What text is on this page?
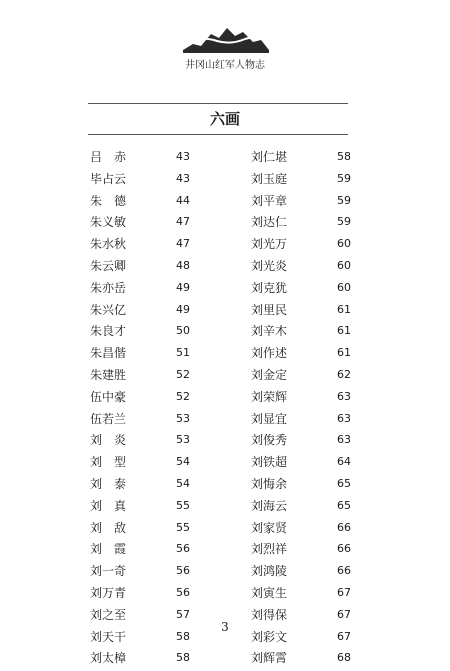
井冈山红军人物志
六画
吕　赤	43
毕占云	43
朱　德	44
朱义敏	47
朱水秋	47
朱云卿	48
朱亦岳	49
朱兴亿	49
朱良才	50
朱昌偕	51
朱建胜	52
伍中豪	52
伍若兰	53
刘　炎	53
刘　型	54
刘　泰	54
刘　真	55
刘　敌	55
刘　霞	56
刘一奇	56
刘万青	56
刘之至	57
刘天干	58
刘太樟	58
刘仁堪	58
刘玉庭	59
刘平章	59
刘达仁	59
刘光万	60
刘光炎	60
刘克犹	60
刘里民	61
刘辛木	61
刘作述	61
刘金定	62
刘荣辉	63
刘显宜	63
刘俊秀	63
刘铁超	64
刘悔余	65
刘海云	65
刘家贤	66
刘烈祥	66
刘鸿陵	66
刘寅生	67
刘得保	67
刘彩文	67
刘辉霄	68
3
